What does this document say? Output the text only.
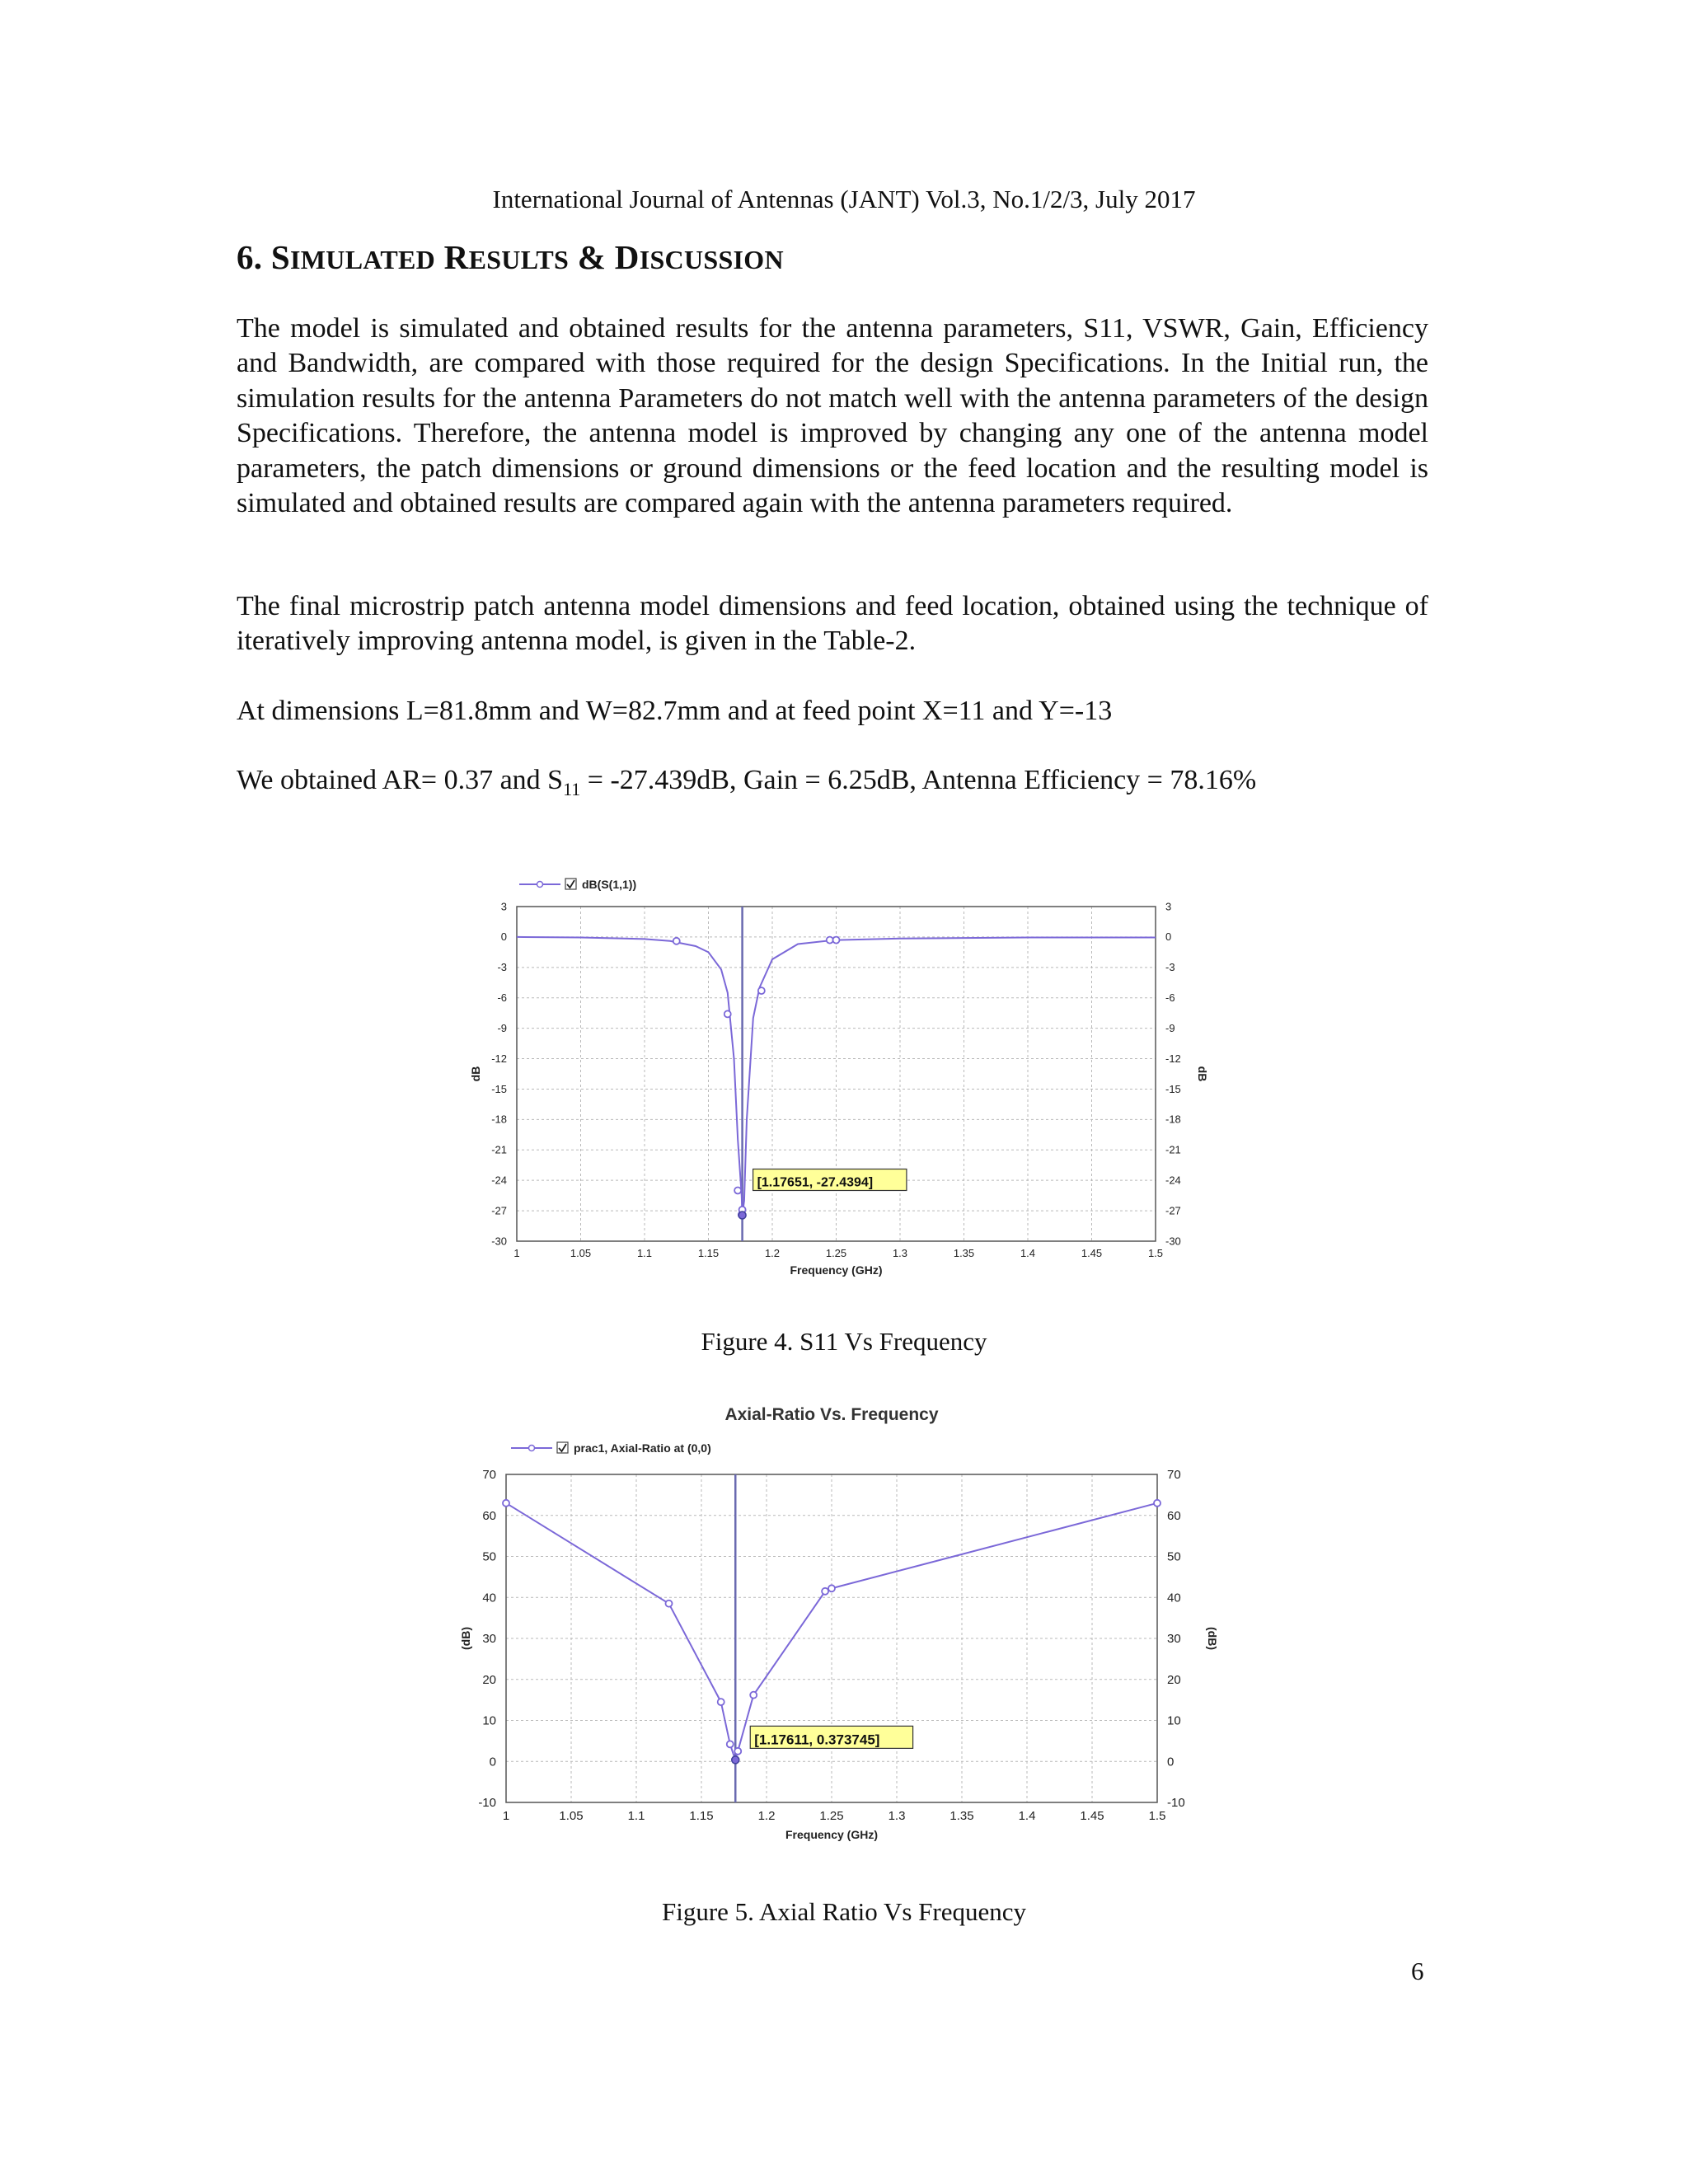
International Journal of Antennas (JANT) Vol.3, No.1/2/3, July 2017
6. SIMULATED RESULTS & DISCUSSION

The model is simulated and obtained results for the antenna parameters, S11, VSWR, Gain, Efficiency and Bandwidth, are compared with those required for the design Specifications. In the Initial run, the simulation results for the antenna Parameters do not match well with the antenna parameters of the design Specifications. Therefore, the antenna model is improved by changing any one of the antenna model parameters, the patch dimensions or ground dimensions or the feed location and the resulting model is simulated and obtained results are compared again with the antenna parameters required.

The final microstrip patch antenna model dimensions and feed location, obtained using the technique of iteratively improving antenna model, is given in the Table-2.

At dimensions L=81.8mm and W=82.7mm and at feed point X=11 and Y=-13

We obtained AR= 0.37 and $S_{11} = -27.439dB$, Gain = 6.25dB, Antenna Efficiency = 78.16%

dB(S(1,1))
1	1.05	1.1	1.15	1.2	1.25	1.3	1.35	1.4	1.45	1.5
3	3
0	0
-3	-3
-6	-6
-9	-9
-12	-12
-15	-15
-18	-18
-21	-21
-24	-24
-27	-27
-30	-30
Frequency (GHz)
dB	dB
[1.17651, -27.4394]
Figure 4. S11 Vs Frequency
Axial-Ratio Vs. Frequency
prac1, Axial-Ratio at (0,0)
1	1.05	1.1	1.15	1.2	1.25	1.3	1.35	1.4	1.45	1.5
70	70
60	60
50	50
40	40
30	30
20	20
10	10
0	0
-10	-10
Frequency (GHz)
(dB)	(dB)
[1.17611, 0.373745]
Figure 5. Axial Ratio Vs Frequency
6
